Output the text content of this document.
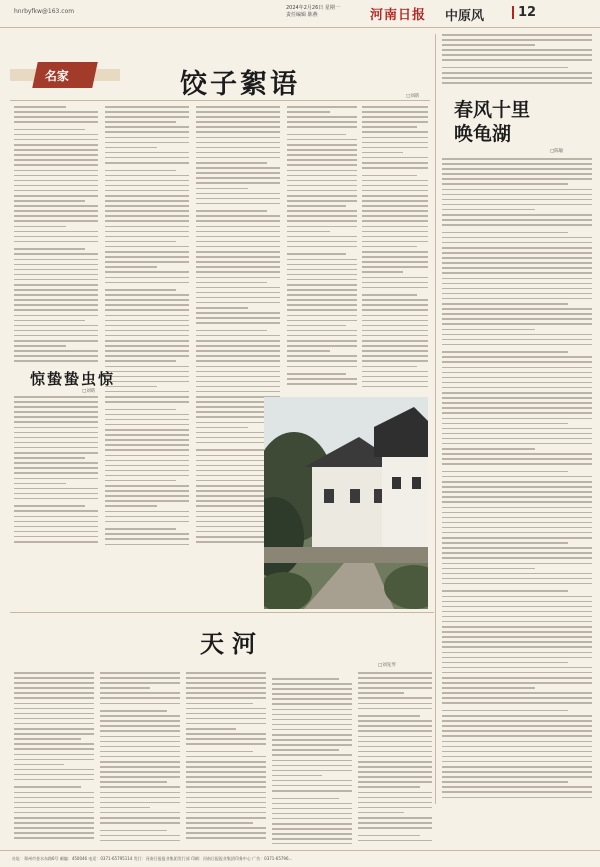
hnrbyfkw@163.com	2024年2月26日 星期一
责任编辑 陈燕	河南日报 中原风	12
名家	饺子絮语	□刘昉
惊蛰蛰虫惊
□刘昉
春风十里
唤龟湖
□陈敏
天河
□刘先琴
社址：郑州市金水东路6号 邮编：450046 电话：0371-65795114 发行：河南日报报业集团发行部 印刷：河南日报报业集团印务中心 广告：0371-65796...
